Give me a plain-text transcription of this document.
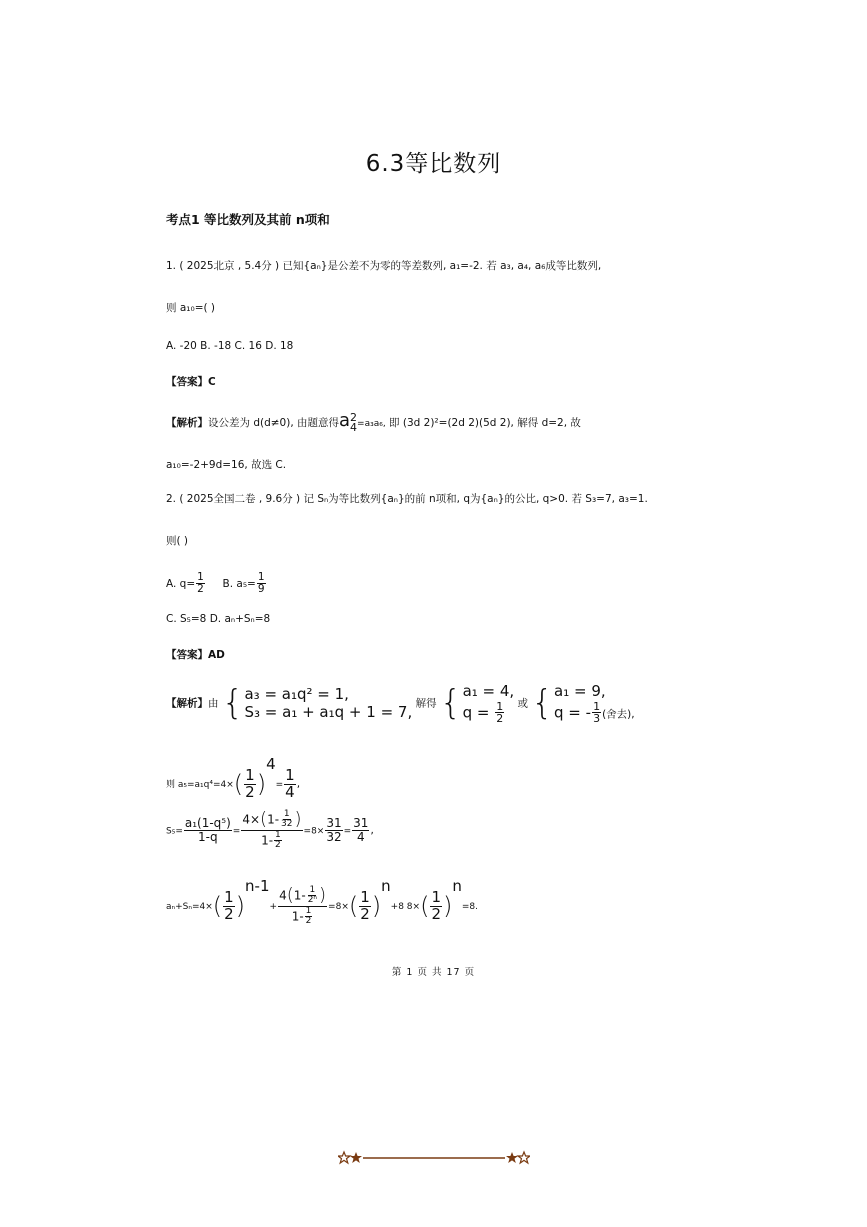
6.3等比数列
考点1 等比数列及其前 n项和
1. ( 2025北京 , 5.4分 ) 已知{aₙ}是公差不为零的等差数列, a₁=-2. 若 a₃, a₄, a₆成等比数列,
则 a₁₀=( )
A. -20 B. -18 C. 16 D. 18
【答案】C
【解析】设公差为 d(d≠0), 由题意得a 2
4 =a₃a₆, 即 (3d 2)²=(2d 2)(5d 2), 解得 d=2, 故
a₁₀=-2+9d=16, 故选 C.
2. ( 2025全国二卷 , 9.6分 ) 记 Sₙ为等比数列{aₙ}的前 n项和, q为{aₙ}的公比, q>0. 若 S₃=7, a₃=1.
则( )
A. $q= \frac{1}{2} B$. $a_5= \frac{1}{9}$
C. S₅=8 D. aₙ+Sₙ=8
【答案】AD
【解析】由 { a₃ = a₁q² = 1,
S₃ = a₁ + a₁q + 1 = 7, 解得 { a₁ = 4,
$q = \frac{1}{2}$ 或 { a₁ = 9,
q = - $\frac{1}{3}$ (舍去),
则 $a_5=a_1q^4=4\times( \frac{1}{2} )^4= \frac{1}{4}$ ,
$S_5= \frac{\text{a₁(1-q⁵)}}{1-q} = \frac{4\times(1- \frac{1}{32} )}{1- \frac{1}{2}} =8\times \frac{31}{32} = \frac{31}{4}$ ,
$a_n+S_n=4\times( \frac{1}{2} )^{n-1}+ \frac{4(1- \frac{1}{\text{2ⁿ}} )}{1- \frac{1}{2}} =8\times( \frac{1}{2} )^n+8$ $8\times( \frac{1}{2} )^n=8$.
第 1 页 共 17 页
